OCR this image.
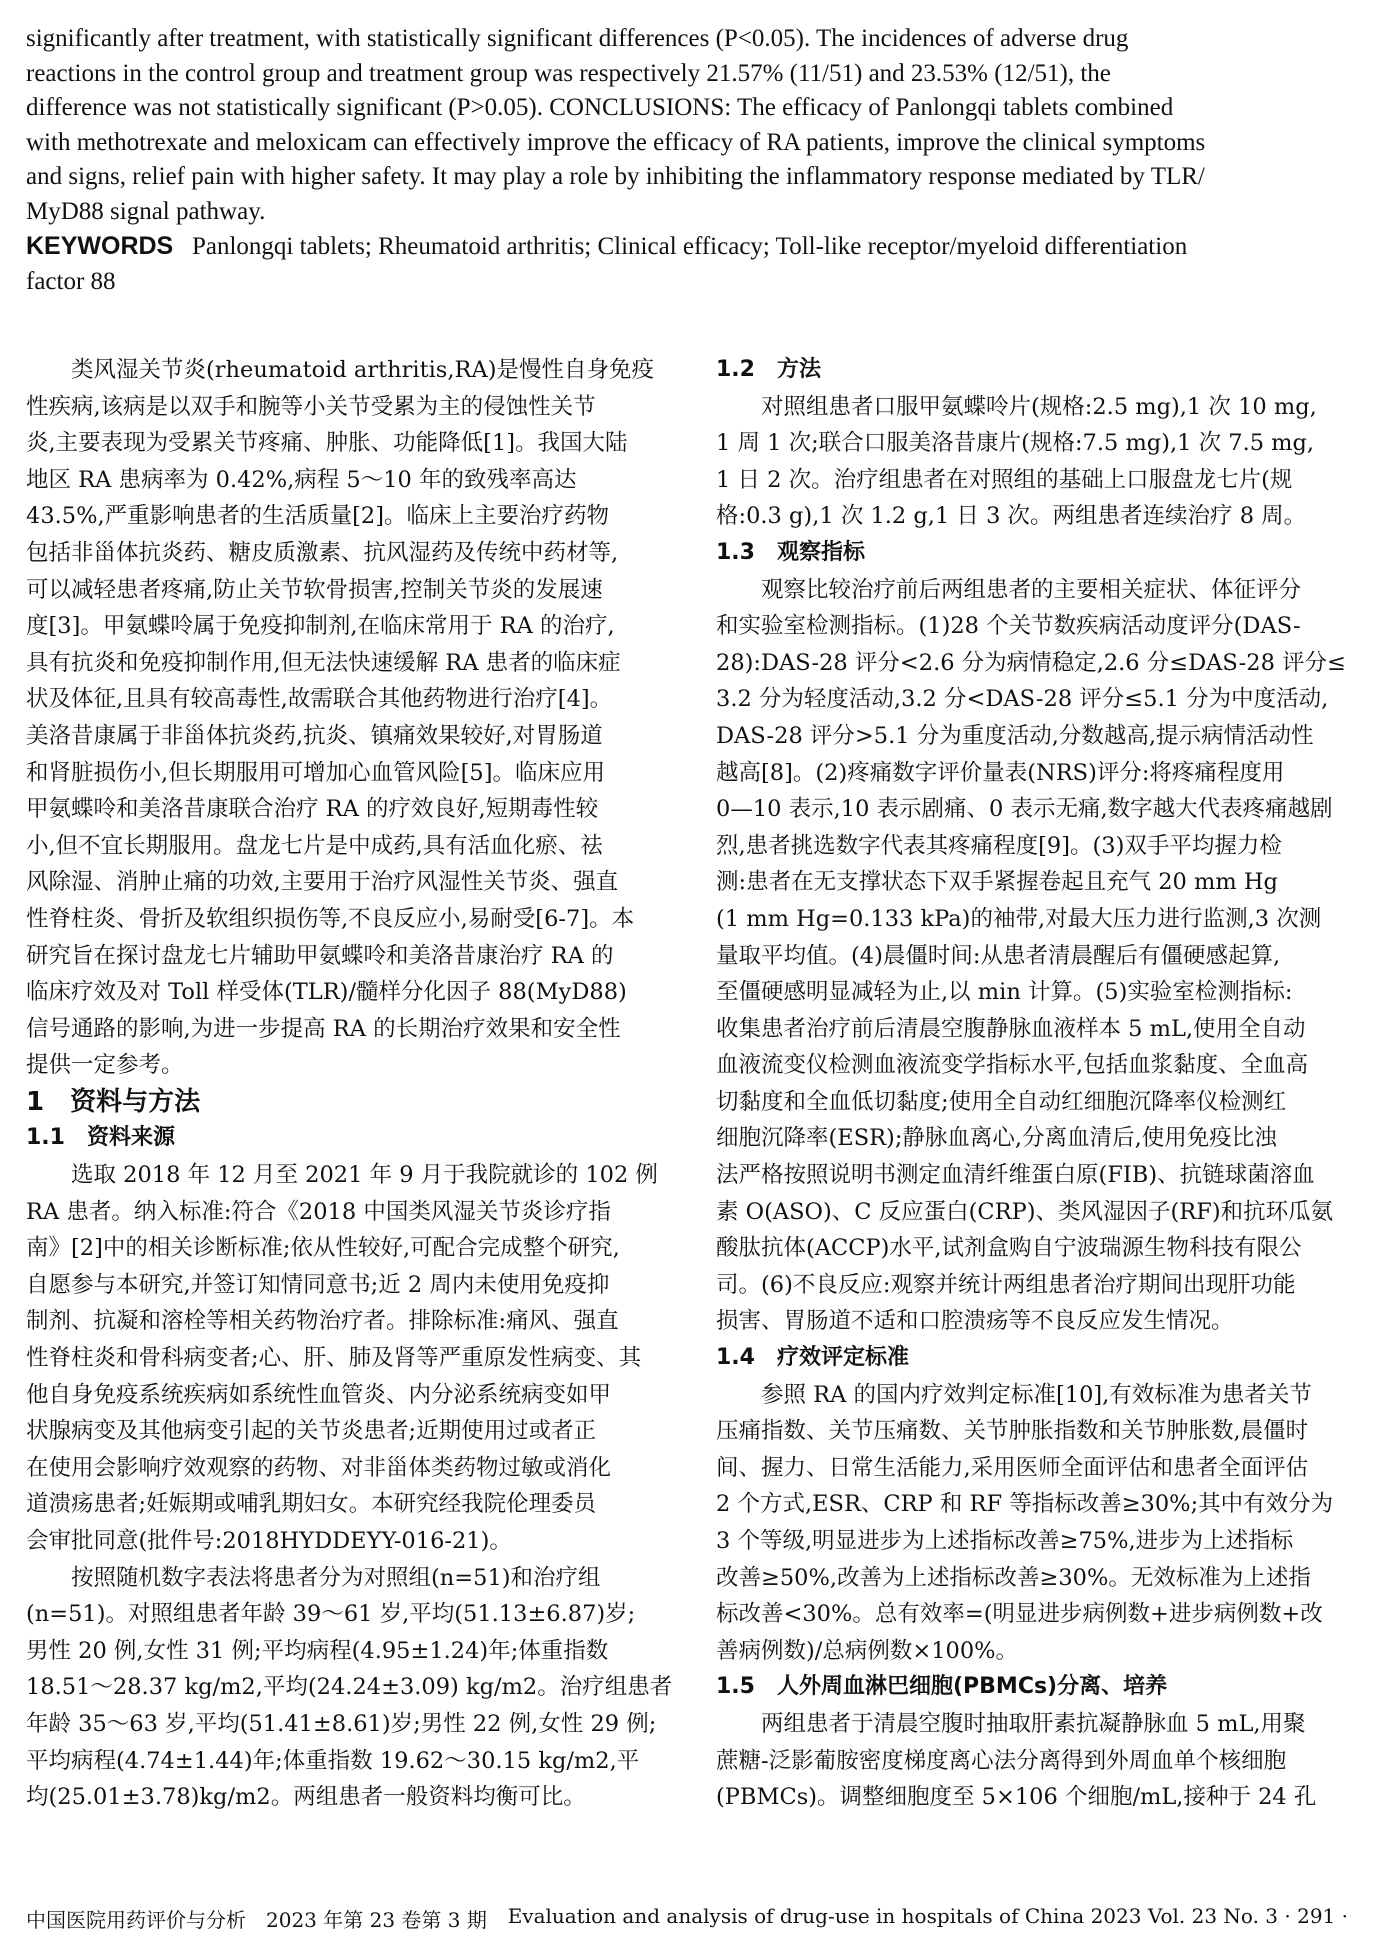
significantly after treatment, with statistically significant differences (P<0.05). The incidences of adverse drug
reactions in the control group and treatment group was respectively 21.57% (11/51) and 23.53% (12/51), the
difference was not statistically significant (P>0.05). CONCLUSIONS: The efficacy of Panlongqi tablets combined
with methotrexate and meloxicam can effectively improve the efficacy of RA patients, improve the clinical symptoms
and signs, relief pain with higher safety. It may play a role by inhibiting the inflammatory response mediated by TLR/
MyD88 signal pathway.
KEYWORDS Panlongqi tablets; Rheumatoid arthritis; Clinical efficacy; Toll-like receptor/myeloid differentiation
factor 88
　　类风湿关节炎(rheumatoid arthritis,RA)是慢性自身免疫
性疾病,该病是以双手和腕等小关节受累为主的侵蚀性关节
炎,主要表现为受累关节疼痛、肿胀、功能降低[1]。我国大陆
地区 RA 患病率为 0.42%,病程 5～10 年的致残率高达
43.5%,严重影响患者的生活质量[2]。临床上主要治疗药物
包括非甾体抗炎药、糖皮质激素、抗风湿药及传统中药材等,
可以减轻患者疼痛,防止关节软骨损害,控制关节炎的发展速
度[3]。甲氨蝶呤属于免疫抑制剂,在临床常用于 RA 的治疗,
具有抗炎和免疫抑制作用,但无法快速缓解 RA 患者的临床症
状及体征,且具有较高毒性,故需联合其他药物进行治疗[4]。
美洛昔康属于非甾体抗炎药,抗炎、镇痛效果较好,对胃肠道
和肾脏损伤小,但长期服用可增加心血管风险[5]。临床应用
甲氨蝶呤和美洛昔康联合治疗 RA 的疗效良好,短期毒性较
小,但不宜长期服用。盘龙七片是中成药,具有活血化瘀、祛
风除湿、消肿止痛的功效,主要用于治疗风湿性关节炎、强直
性脊柱炎、骨折及软组织损伤等,不良反应小,易耐受[6-7]。本
研究旨在探讨盘龙七片辅助甲氨蝶呤和美洛昔康治疗 RA 的
临床疗效及对 Toll 样受体(TLR)/髓样分化因子 88(MyD88)
信号通路的影响,为进一步提高 RA 的长期治疗效果和安全性
提供一定参考。
1　资料与方法
1.1　资料来源
　　选取 2018 年 12 月至 2021 年 9 月于我院就诊的 102 例
RA 患者。纳入标准:符合《2018 中国类风湿关节炎诊疗指
南》[2]中的相关诊断标准;依从性较好,可配合完成整个研究,
自愿参与本研究,并签订知情同意书;近 2 周内未使用免疫抑
制剂、抗凝和溶栓等相关药物治疗者。排除标准:痛风、强直
性脊柱炎和骨科病变者;心、肝、肺及肾等严重原发性病变、其
他自身免疫系统疾病如系统性血管炎、内分泌系统病变如甲
状腺病变及其他病变引起的关节炎患者;近期使用过或者正
在使用会影响疗效观察的药物、对非甾体类药物过敏或消化
道溃疡患者;妊娠期或哺乳期妇女。本研究经我院伦理委员
会审批同意(批件号:2018HYDDEYY-016-21)。
　　按照随机数字表法将患者分为对照组(n=51)和治疗组
(n=51)。对照组患者年龄 39～61 岁,平均(51.13±6.87)岁;
男性 20 例,女性 31 例;平均病程(4.95±1.24)年;体重指数
18.51～28.37 kg/m2,平均(24.24±3.09) kg/m2。治疗组患者
年龄 35～63 岁,平均(51.41±8.61)岁;男性 22 例,女性 29 例;
平均病程(4.74±1.44)年;体重指数 19.62～30.15 kg/m2,平
均(25.01±3.78)kg/m2。两组患者一般资料均衡可比。
1.2　方法
　　对照组患者口服甲氨蝶呤片(规格:2.5 mg),1 次 10 mg,
1 周 1 次;联合口服美洛昔康片(规格:7.5 mg),1 次 7.5 mg,
1 日 2 次。治疗组患者在对照组的基础上口服盘龙七片(规
格:0.3 g),1 次 1.2 g,1 日 3 次。两组患者连续治疗 8 周。
1.3　观察指标
　　观察比较治疗前后两组患者的主要相关症状、体征评分
和实验室检测指标。(1)28 个关节数疾病活动度评分(DAS-
28):DAS-28 评分<2.6 分为病情稳定,2.6 分≤DAS-28 评分≤
3.2 分为轻度活动,3.2 分<DAS-28 评分≤5.1 分为中度活动,
DAS-28 评分>5.1 分为重度活动,分数越高,提示病情活动性
越高[8]。(2)疼痛数字评价量表(NRS)评分:将疼痛程度用
0—10 表示,10 表示剧痛、0 表示无痛,数字越大代表疼痛越剧
烈,患者挑选数字代表其疼痛程度[9]。(3)双手平均握力检
测:患者在无支撑状态下双手紧握卷起且充气 20 mm Hg
(1 mm Hg=0.133 kPa)的袖带,对最大压力进行监测,3 次测
量取平均值。(4)晨僵时间:从患者清晨醒后有僵硬感起算,
至僵硬感明显减轻为止,以 min 计算。(5)实验室检测指标:
收集患者治疗前后清晨空腹静脉血液样本 5 mL,使用全自动
血液流变仪检测血液流变学指标水平,包括血浆黏度、全血高
切黏度和全血低切黏度;使用全自动红细胞沉降率仪检测红
细胞沉降率(ESR);静脉血离心,分离血清后,使用免疫比浊
法严格按照说明书测定血清纤维蛋白原(FIB)、抗链球菌溶血
素 O(ASO)、C 反应蛋白(CRP)、类风湿因子(RF)和抗环瓜氨
酸肽抗体(ACCP)水平,试剂盒购自宁波瑞源生物科技有限公
司。(6)不良反应:观察并统计两组患者治疗期间出现肝功能
损害、胃肠道不适和口腔溃疡等不良反应发生情况。
1.4　疗效评定标准
　　参照 RA 的国内疗效判定标准[10],有效标准为患者关节
压痛指数、关节压痛数、关节肿胀指数和关节肿胀数,晨僵时
间、握力、日常生活能力,采用医师全面评估和患者全面评估
2 个方式,ESR、CRP 和 RF 等指标改善≥30%;其中有效分为
3 个等级,明显进步为上述指标改善≥75%,进步为上述指标
改善≥50%,改善为上述指标改善≥30%。无效标准为上述指
标改善<30%。总有效率=(明显进步病例数+进步病例数+改
善病例数)/总病例数×100%。
1.5　人外周血淋巴细胞(PBMCs)分离、培养
　　两组患者于清晨空腹时抽取肝素抗凝静脉血 5 mL,用聚
蔗糖-泛影葡胺密度梯度离心法分离得到外周血单个核细胞
(PBMCs)。调整细胞度至 5×106 个细胞/mL,接种于 24 孔
中国医院用药评价与分析　2023 年第 23 卷第 3 期 Evaluation and analysis of drug-use in hospitals of China 2023 Vol. 23 No. 3 · 291 ·
